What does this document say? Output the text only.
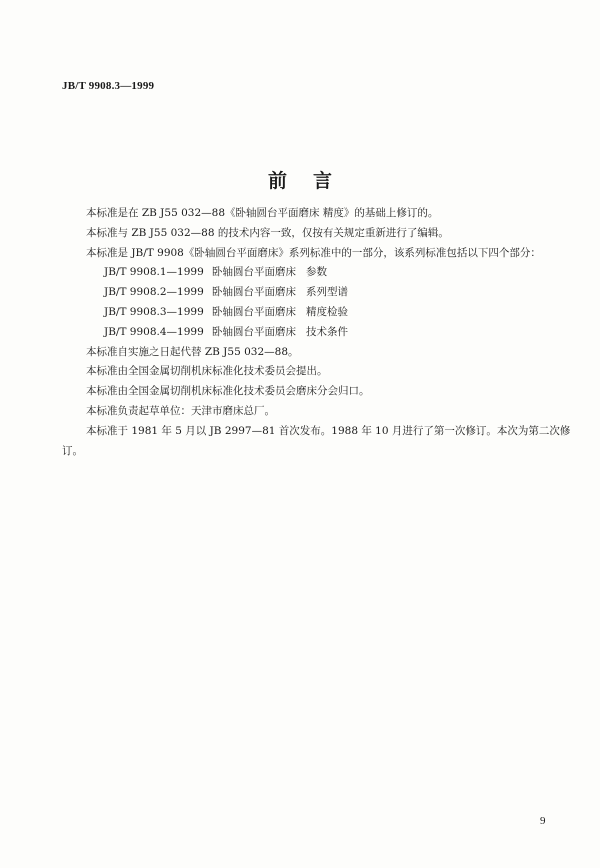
JB/T 9908.3—1999
前言

本标准是在 ZB J55 032—88《卧轴圆台平面磨床 精度》的基础上修订的。

本标准与 ZB J55 032—88 的技术内容一致，仅按有关规定重新进行了编辑。

本标准是 JB/T 9908《卧轴圆台平面磨床》系列标准中的一部分，该系列标准包括以下四个部分：

JB/T 9908.1—1999 卧轴圆台平面磨床 参数
JB/T 9908.2—1999 卧轴圆台平面磨床 系列型谱
JB/T 9908.3—1999 卧轴圆台平面磨床 精度检验
JB/T 9908.4—1999 卧轴圆台平面磨床 技术条件

本标准自实施之日起代替 ZB J55 032—88。

本标准由全国金属切削机床标准化技术委员会提出。

本标准由全国金属切削机床标准化技术委员会磨床分会归口。

本标准负责起草单位：天津市磨床总厂。

本标准于 1981 年 5 月以 JB 2997—81 首次发布。1988 年 10 月进行了第一次修订。本次为第二次修订。

9
